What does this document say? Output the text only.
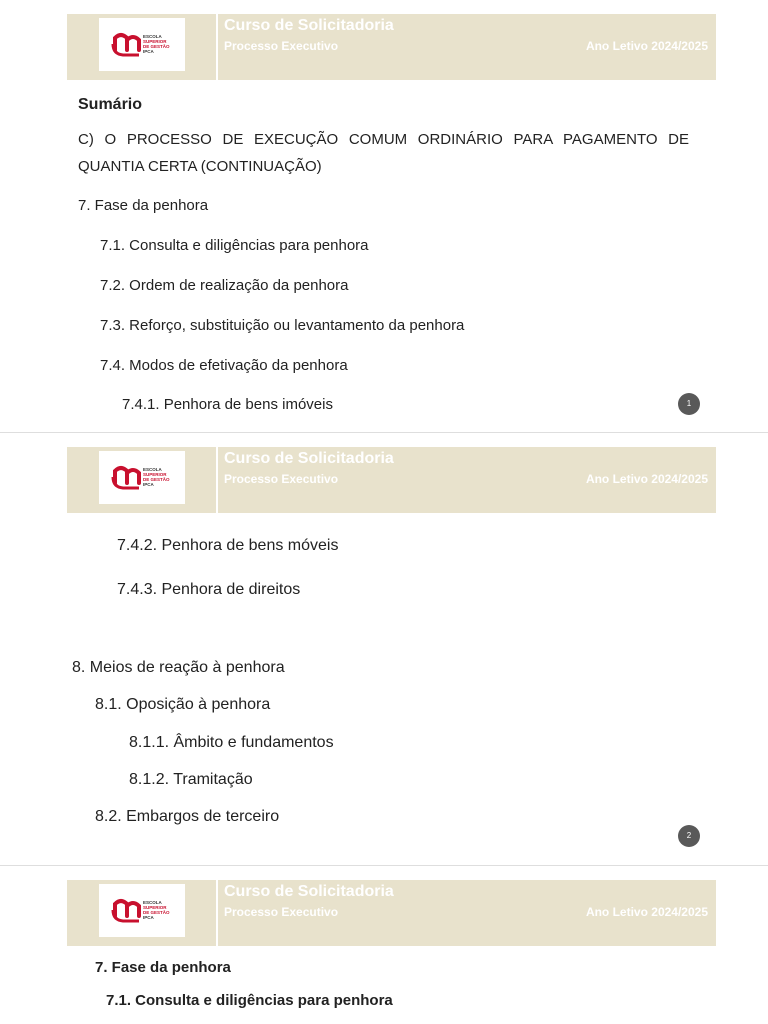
ESCOLA
SUPERIOR
DE GESTÃO
IPCA
Curso de Solicitadoria
Processo Executivo	Ano Letivo 2024/2025
Sumário
C) O PROCESSO DE EXECUÇÃO COMUM ORDINÁRIO PARA PAGAMENTO DE QUANTIA CERTA (CONTINUAÇÃO)
7. Fase da penhora
7.1. Consulta e diligências para penhora
7.2. Ordem de realização da penhora
7.3. Reforço, substituição ou levantamento da penhora
7.4. Modos de efetivação da penhora
7.4.1. Penhora de bens imóveis	1
ESCOLA
SUPERIOR
DE GESTÃO
IPCA
Curso de Solicitadoria
Processo Executivo	Ano Letivo 2024/2025
7.4.2. Penhora de bens móveis
7.4.3. Penhora de direitos
8. Meios de reação à penhora
8.1. Oposição à penhora
8.1.1. Âmbito e fundamentos
8.1.2. Tramitação
8.2. Embargos de terceiro
2
ESCOLA
SUPERIOR
DE GESTÃO
IPCA
Curso de Solicitadoria
Processo Executivo	Ano Letivo 2024/2025
7. Fase da penhora
7.1. Consulta e diligências para penhora
